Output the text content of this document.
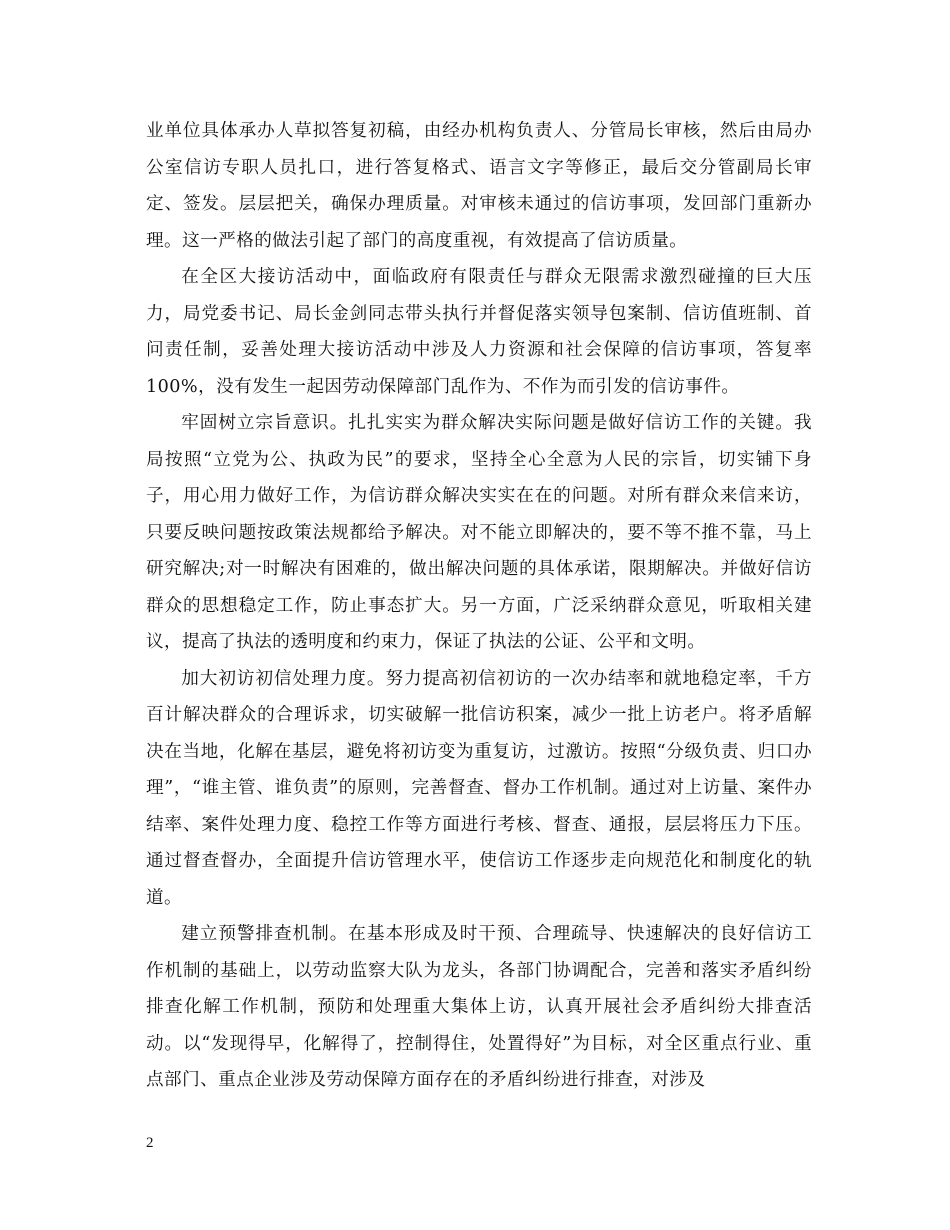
业单位具体承办人草拟答复初稿，由经办机构负责人、分管局长审核，然后由局办公室信访专职人员扎口，进行答复格式、语言文字等修正，最后交分管副局长审定、签发。层层把关，确保办理质量。对审核未通过的信访事项，发回部门重新办理。这一严格的做法引起了部门的高度重视，有效提高了信访质量。

在全区大接访活动中，面临政府有限责任与群众无限需求激烈碰撞的巨大压力，局党委书记、局长金剑同志带头执行并督促落实领导包案制、信访值班制、首问责任制，妥善处理大接访活动中涉及人力资源和社会保障的信访事项，答复率100%，没有发生一起因劳动保障部门乱作为、不作为而引发的信访事件。

牢固树立宗旨意识。扎扎实实为群众解决实际问题是做好信访工作的关键。我局按照“立党为公、执政为民”的要求，坚持全心全意为人民的宗旨，切实铺下身子，用心用力做好工作，为信访群众解决实实在在的问题。对所有群众来信来访，只要反映问题按政策法规都给予解决。对不能立即解决的，要不等不推不靠，马上研究解决;对一时解决有困难的，做出解决问题的具体承诺，限期解决。并做好信访群众的思想稳定工作，防止事态扩大。另一方面，广泛采纳群众意见，听取相关建议，提高了执法的透明度和约束力，保证了执法的公证、公平和文明。

加大初访初信处理力度。努力提高初信初访的一次办结率和就地稳定率，千方百计解决群众的合理诉求，切实破解一批信访积案，减少一批上访老户。将矛盾解决在当地，化解在基层，避免将初访变为重复访，过激访。按照“分级负责、归口办理”，“谁主管、谁负责”的原则，完善督查、督办工作机制。通过对上访量、案件办结率、案件处理力度、稳控工作等方面进行考核、督查、通报，层层将压力下压。通过督查督办，全面提升信访管理水平，使信访工作逐步走向规范化和制度化的轨道。

建立预警排查机制。在基本形成及时干预、合理疏导、快速解决的良好信访工作机制的基础上，以劳动监察大队为龙头，各部门协调配合，完善和落实矛盾纠纷排查化解工作机制，预防和处理重大集体上访，认真开展社会矛盾纠纷大排查活动。以“发现得早，化解得了，控制得住，处置得好”为目标，对全区重点行业、重点部门、重点企业涉及劳动保障方面存在的矛盾纠纷进行排查，对涉及

2
